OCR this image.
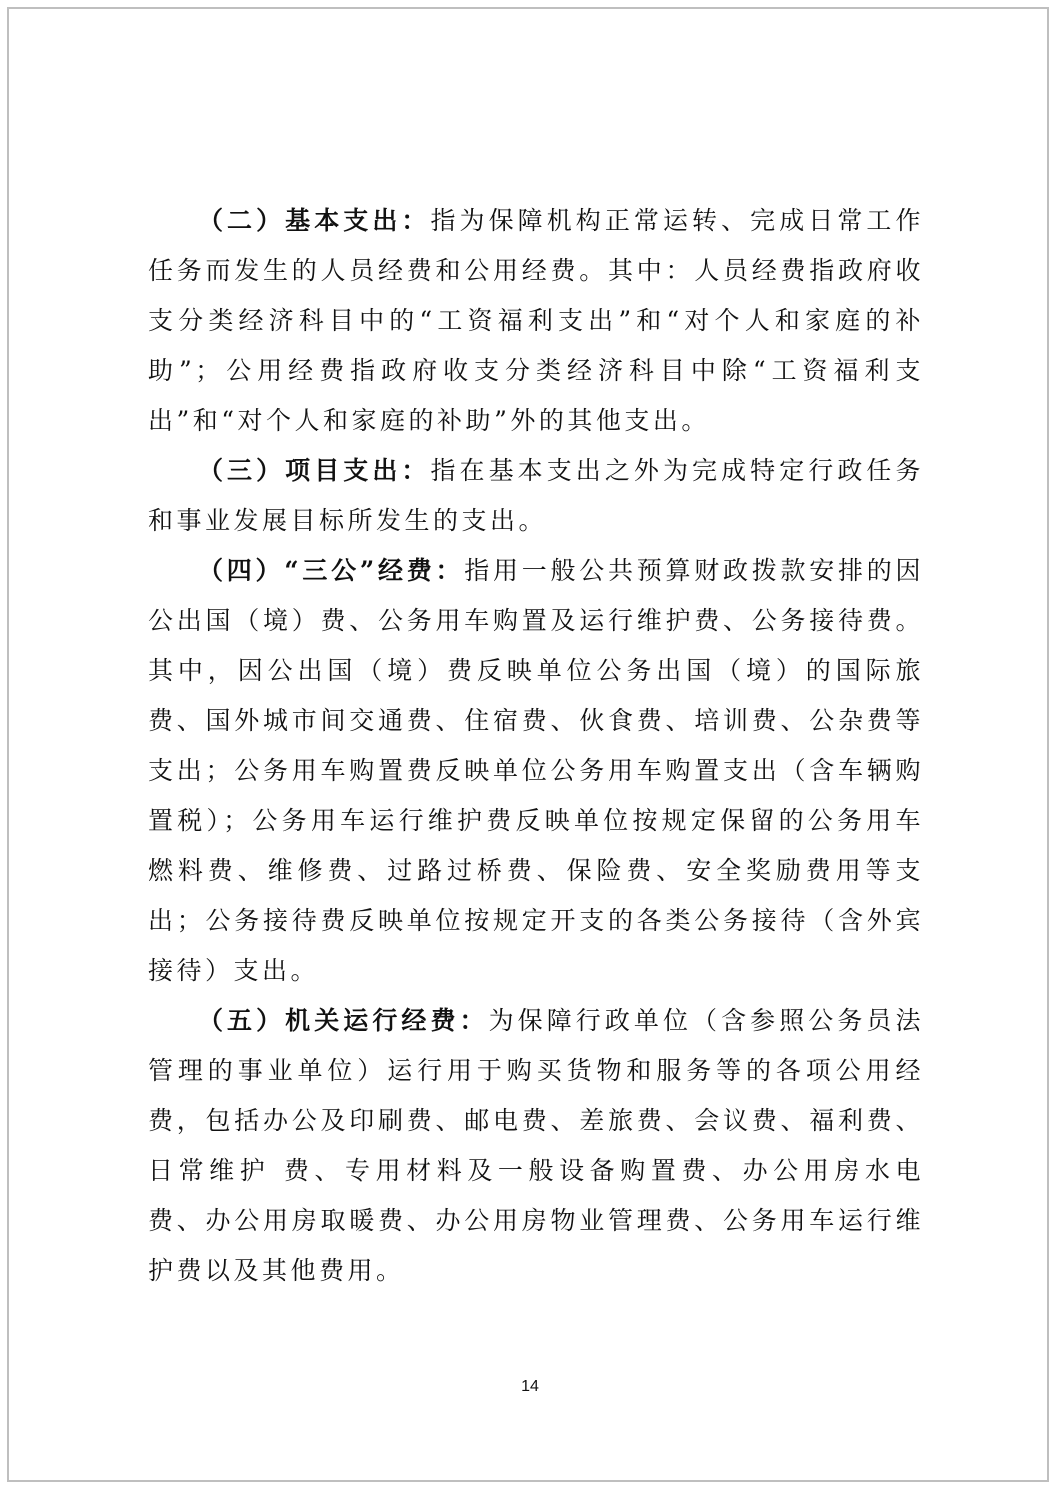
（二）基本支出：指为保障机构正常运转、完成日常工作任务而发生的人员经费和公用经费。其中：人员经费指政府收支分类经济科目中的“工资福利支出”和“对个人和家庭的补助”；公用经费指政府收支分类经济科目中除“工资福利支出”和“对个人和家庭的补助”外的其他支出。

（三）项目支出：指在基本支出之外为完成特定行政任务和事业发展目标所发生的支出。

（四）“三公”经费：指用一般公共预算财政拨款安排的因公出国（境）费、公务用车购置及运行维护费、公务接待费。其中，因公出国（境）费反映单位公务出国（境）的国际旅费、国外城市间交通费、住宿费、伙食费、培训费、公杂费等支出；公务用车购置费反映单位公务用车购置支出（含车辆购置税）；公务用车运行维护费反映单位按规定保留的公务用车燃料费、维修费、过路过桥费、保险费、安全奖励费用等支出；公务接待费反映单位按规定开支的各类公务接待（含外宾接待）支出。

（五）机关运行经费：为保障行政单位（含参照公务员法管理的事业单位）运行用于购买货物和服务等的各项公用经费，包括办公及印刷费、邮电费、差旅费、会议费、福利费、日常维护 费、专用材料及一般设备购置费、办公用房水电费、办公用房取暖费、办公用房物业管理费、公务用车运行维护费以及其他费用。

14
